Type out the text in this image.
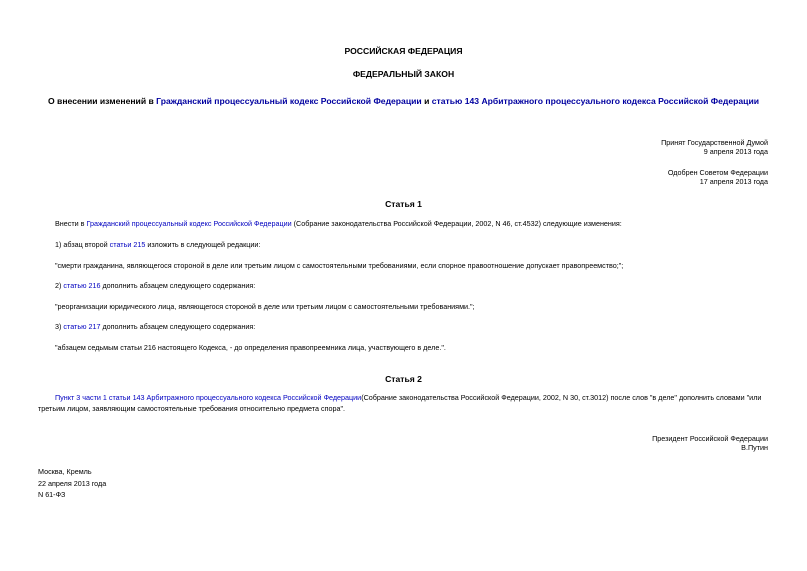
РОССИЙСКАЯ ФЕДЕРАЦИЯ
ФЕДЕРАЛЬНЫЙ ЗАКОН
О внесении изменений в Гражданский процессуальный кодекс Российской Федерации и статью 143 Арбитражного процессуального кодекса Российской Федерации
Принят Государственной Думой
9 апреля 2013 года
Одобрен Советом Федерации
17 апреля 2013 года
Статья 1
Внести в Гражданский процессуальный кодекс Российской Федерации (Собрание законодательства Российской Федерации, 2002, N 46, ст.4532) следующие изменения:
1) абзац второй статьи 215 изложить в следующей редакции:
"смерти гражданина, являющегося стороной в деле или третьим лицом с самостоятельными требованиями, если спорное правоотношение допускает правопреемство;";
2) статью 216 дополнить абзацем следующего содержания:
"реорганизации юридического лица, являющегося стороной в деле или третьим лицом с самостоятельными требованиями.";
3) статью 217 дополнить абзацем следующего содержания:
"абзацем седьмым статьи 216 настоящего Кодекса, - до определения правопреемника лица, участвующего в деле.".
Статья 2
Пункт 3 части 1 статьи 143 Арбитражного процессуального кодекса Российской Федерации(Собрание законодательства Российской Федерации, 2002, N 30, ст.3012) после слов "в деле" дополнить словами "или третьим лицом, заявляющим самостоятельные требования относительно предмета спора".
Президент Российской Федерации
В.Путин
Москва, Кремль
22 апреля 2013 года
N 61-ФЗ
